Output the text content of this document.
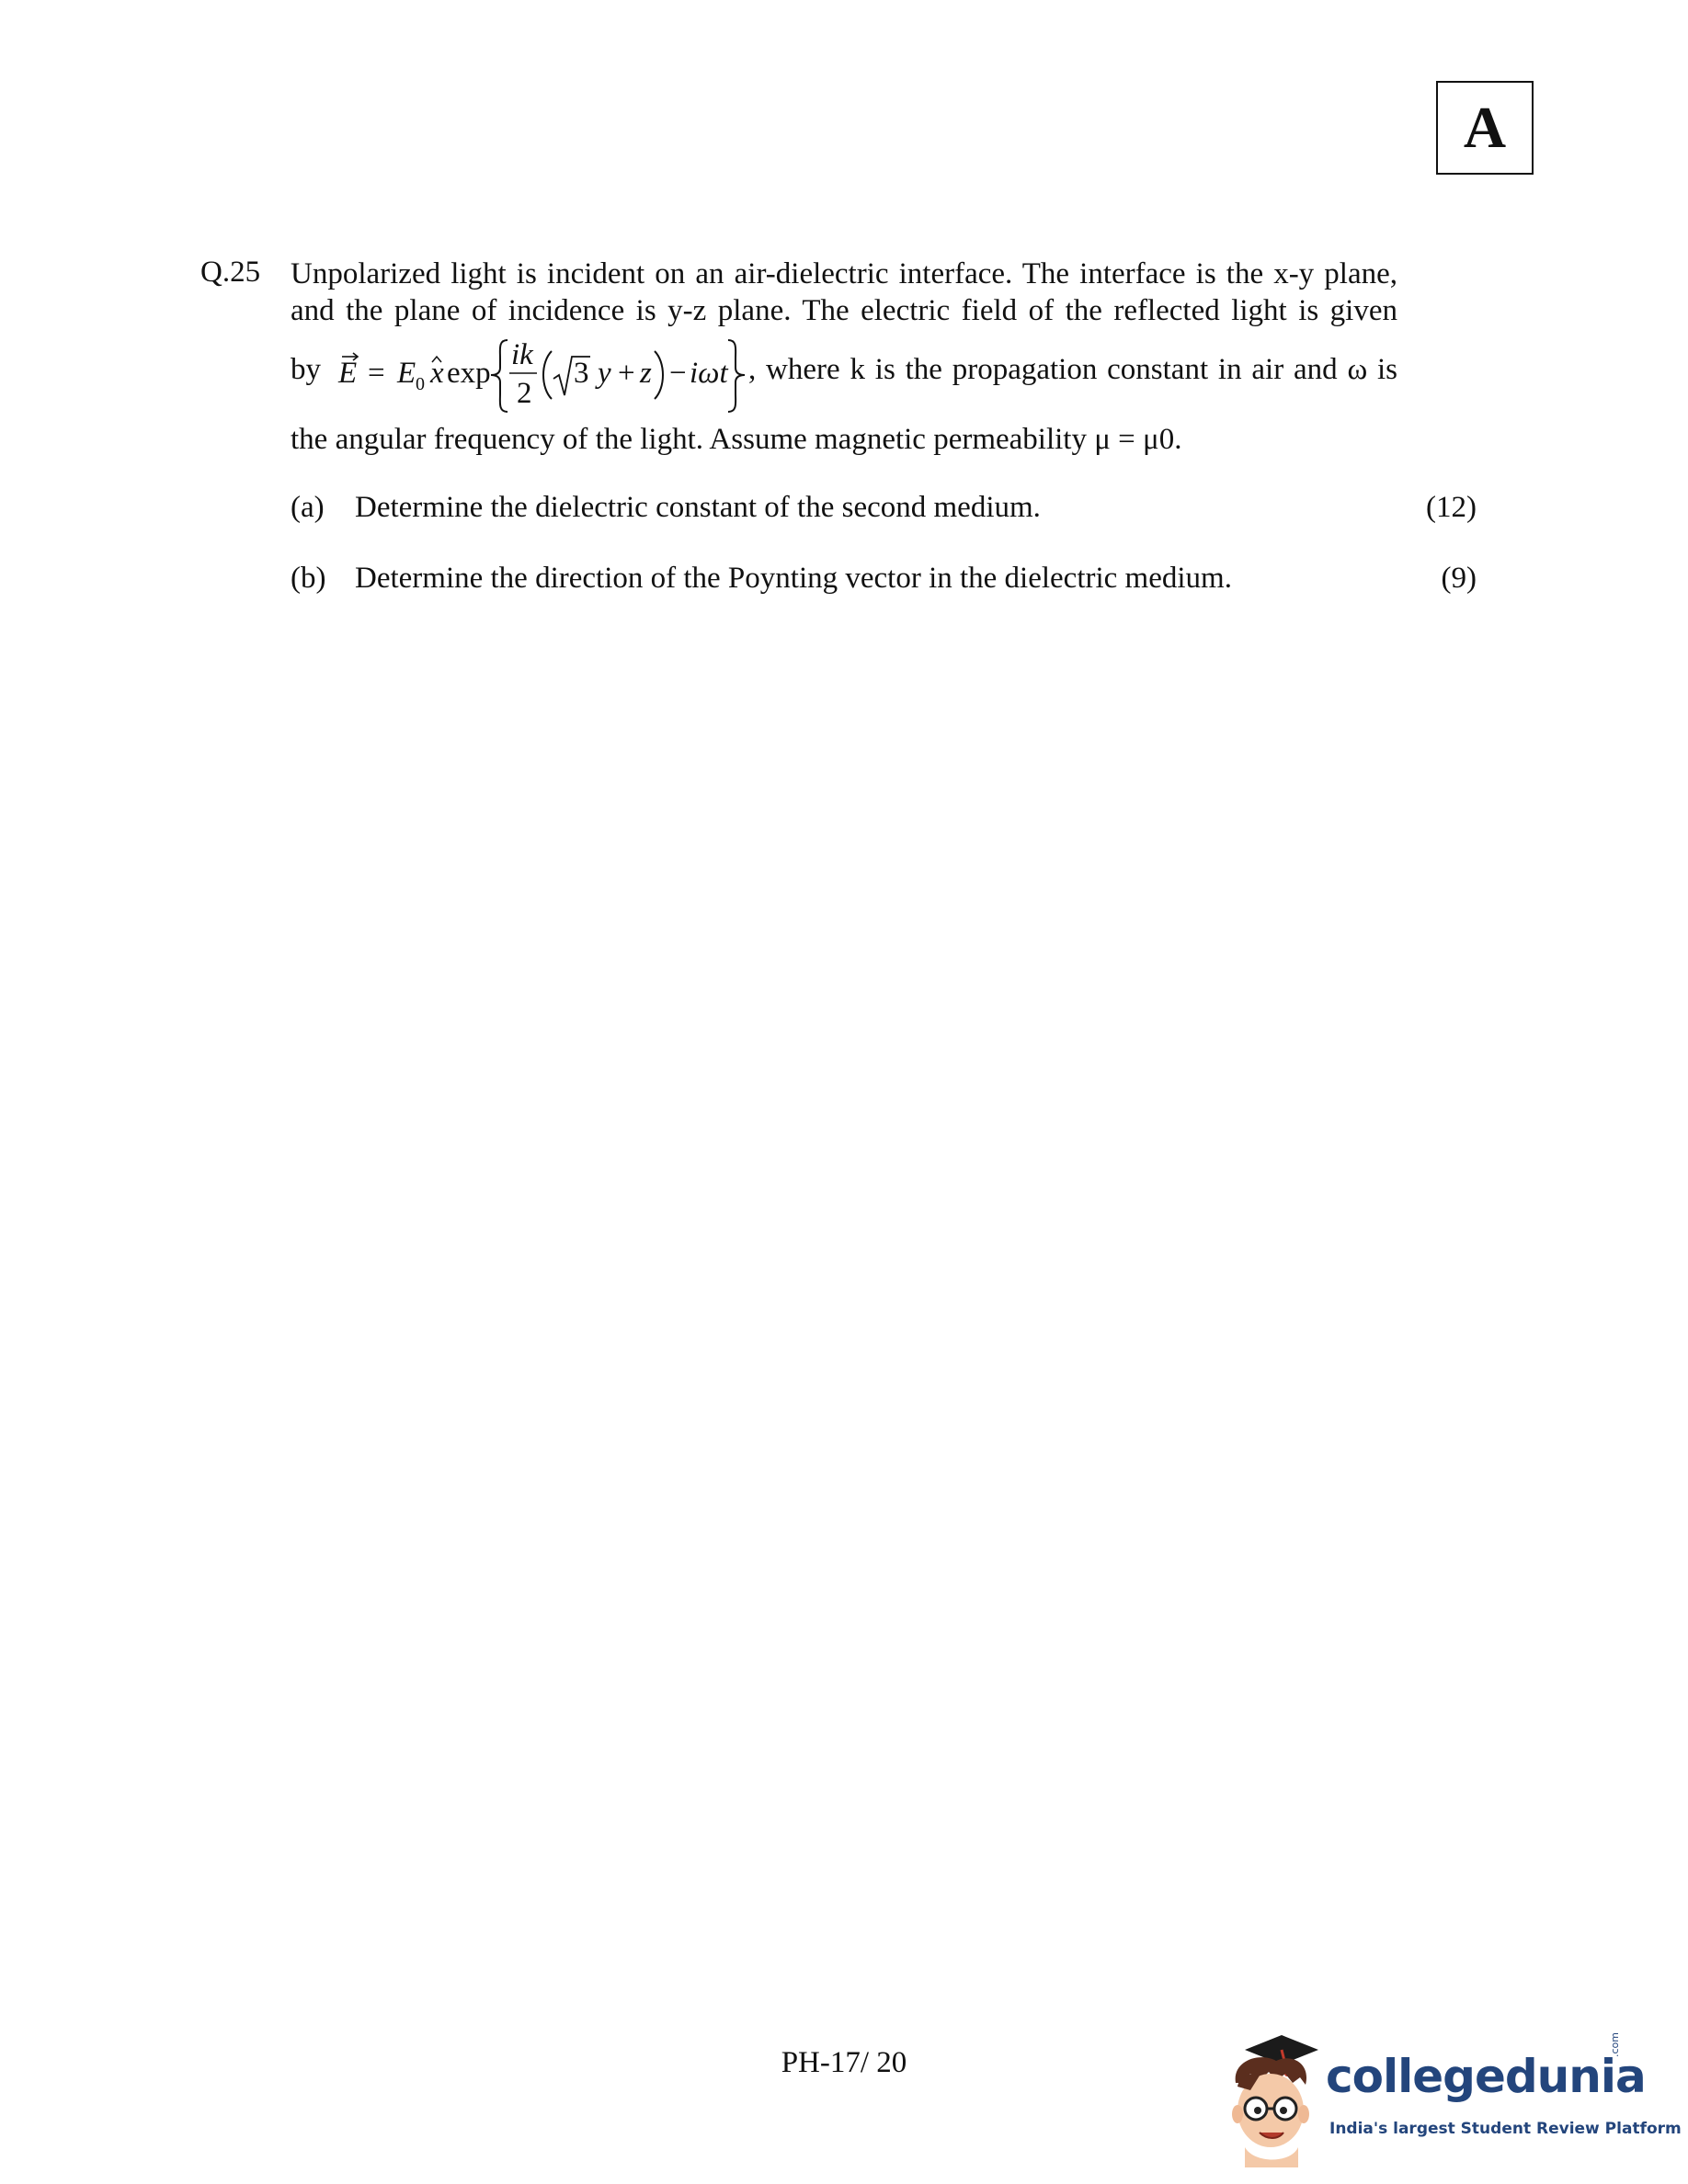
A
Q.25 Unpolarized light is incident on an air-dielectric interface. The interface is the x-y plane,
and the plane of incidence is y-z plane. The electric field of the reflected light is given
by E = E 0 x exp
ik
2
3 y + z − iωt , where k is the propagation constant in air and ω is
the angular frequency of the light. Assume magnetic permeability μ = μ0.
(a) Determine the dielectric constant of the second medium.	(12)
(b) Determine the direction of the Poynting vector in the dielectric medium.	(9)
PH-17/ 20	collegedunia
.com
India's largest Student Review Platform
